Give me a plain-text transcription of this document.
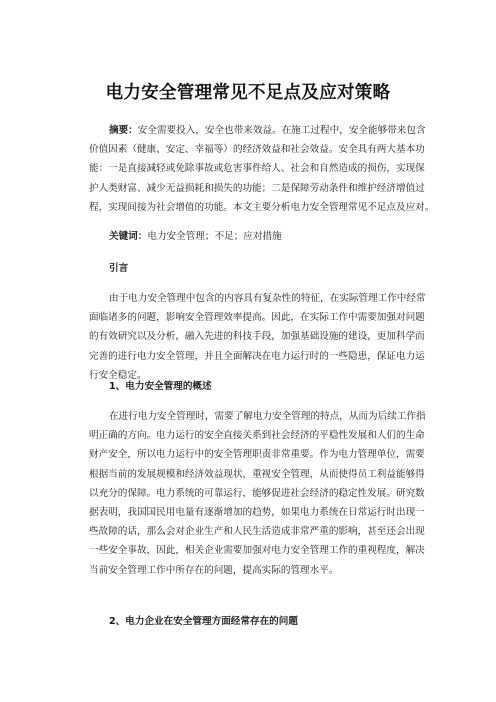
电力安全管理常见不足点及应对策略
摘要：安全需要投入，安全也带来效益。在施工过程中，安全能够带来包含
价值因素（健康、安定、幸福等）的经济效益和社会效益。安全具有两大基本功
能：一是直接减轻或免除事故或危害事件给人、社会和自然造成的损伤，实现保
护人类财富、减少无益损耗和损失的功能；二是保障劳动条件和维护经济增值过
程，实现间接为社会增值的功能。本文主要分析电力安全管理常见不足点及应对。
关键词：电力安全管理；不足；应对措施
引言
由于电力安全管理中包含的内容具有复杂性的特征，在实际管理工作中经常
面临诸多的问题，影响安全管理效率提高。因此，在实际工作中需要加强对问题
的有效研究以及分析，融入先进的科技手段，加强基础设施的建设，更加科学而
完善的进行电力安全管理，并且全面解决在电力运行时的一些隐患，保证电力运
行安全稳定。
1、电力安全管理的概述
在进行电力安全管理时，需要了解电力安全管理的特点，从而为后续工作指
明正确的方向。电力运行的安全直接关系到社会经济的平稳性发展和人们的生命
财产安全，所以电力运行中的安全管理职责非常重要。作为电力管理单位，需要
根据当前的发展规模和经济效益现状，重视安全管理，从而使得员工利益能够得
以充分的保障。电力系统的可靠运行，能够促进社会经济的稳定性发展。研究数
据表明，我国国民用电量有逐渐增加的趋势，如果电力系统在日常运行时出现一
些故障的话，那么会对企业生产和人民生活造成非常严重的影响，甚至还会出现
一些安全事故，因此，相关企业需要加强对电力安全管理工作的重视程度，解决
当前安全管理工作中所存在的问题，提高实际的管理水平。
2、电力企业在安全管理方面经常存在的问题
